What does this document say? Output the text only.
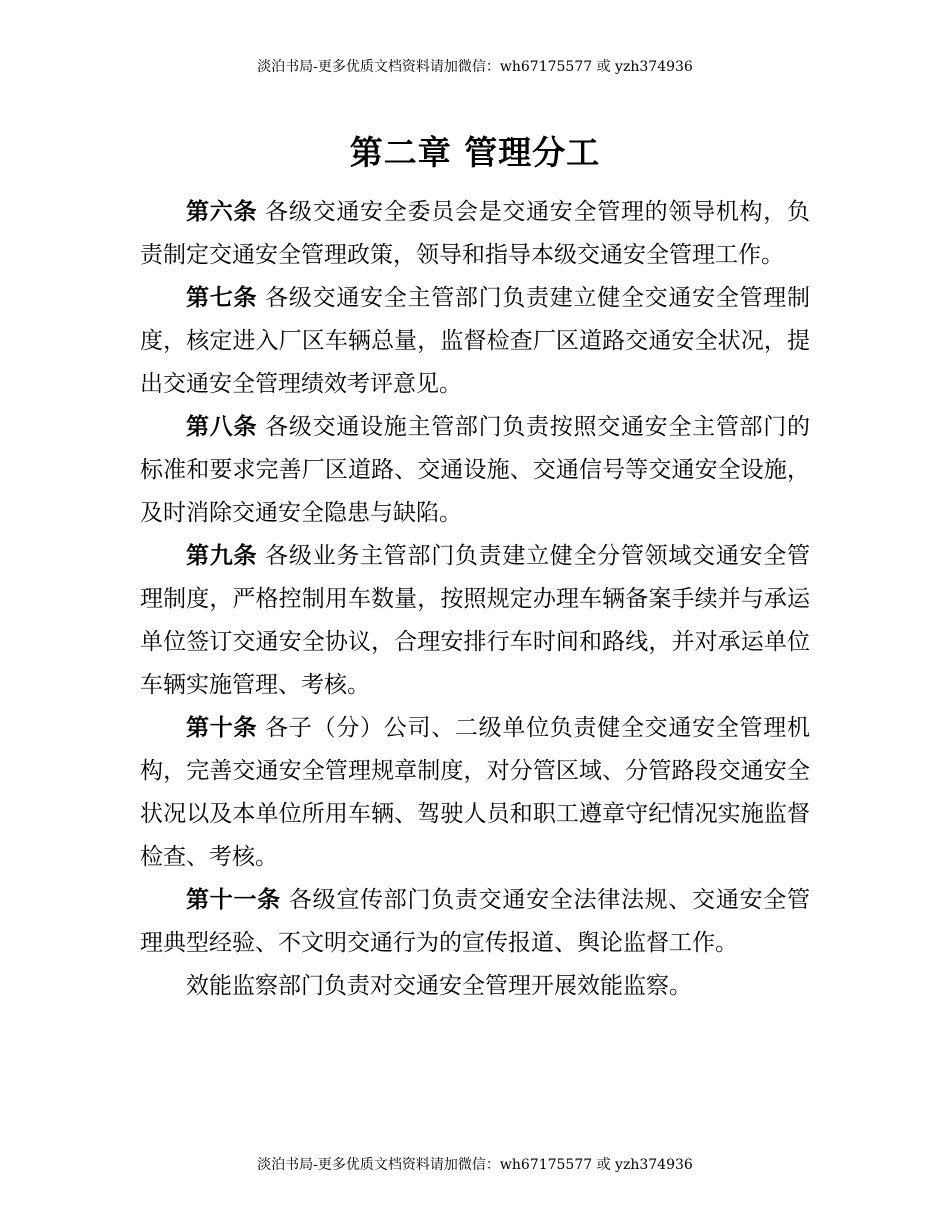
淡泊书局-更多优质文档资料请加微信：wh67175577 或 yzh374936
第二章 管理分工

第六条 各级交通安全委员会是交通安全管理的领导机构，负责制定交通安全管理政策，领导和指导本级交通安全管理工作。

第七条 各级交通安全主管部门负责建立健全交通安全管理制度，核定进入厂区车辆总量，监督检查厂区道路交通安全状况，提出交通安全管理绩效考评意见。

第八条 各级交通设施主管部门负责按照交通安全主管部门的标准和要求完善厂区道路、交通设施、交通信号等交通安全设施，及时消除交通安全隐患与缺陷。

第九条 各级业务主管部门负责建立健全分管领域交通安全管理制度，严格控制用车数量，按照规定办理车辆备案手续并与承运单位签订交通安全协议，合理安排行车时间和路线，并对承运单位车辆实施管理、考核。

第十条 各子（分）公司、二级单位负责健全交通安全管理机构，完善交通安全管理规章制度，对分管区域、分管路段交通安全状况以及本单位所用车辆、驾驶人员和职工遵章守纪情况实施监督检查、考核。

第十一条 各级宣传部门负责交通安全法律法规、交通安全管理典型经验、不文明交通行为的宣传报道、舆论监督工作。

效能监察部门负责对交通安全管理开展效能监察。

淡泊书局-更多优质文档资料请加微信：wh67175577 或 yzh374936
